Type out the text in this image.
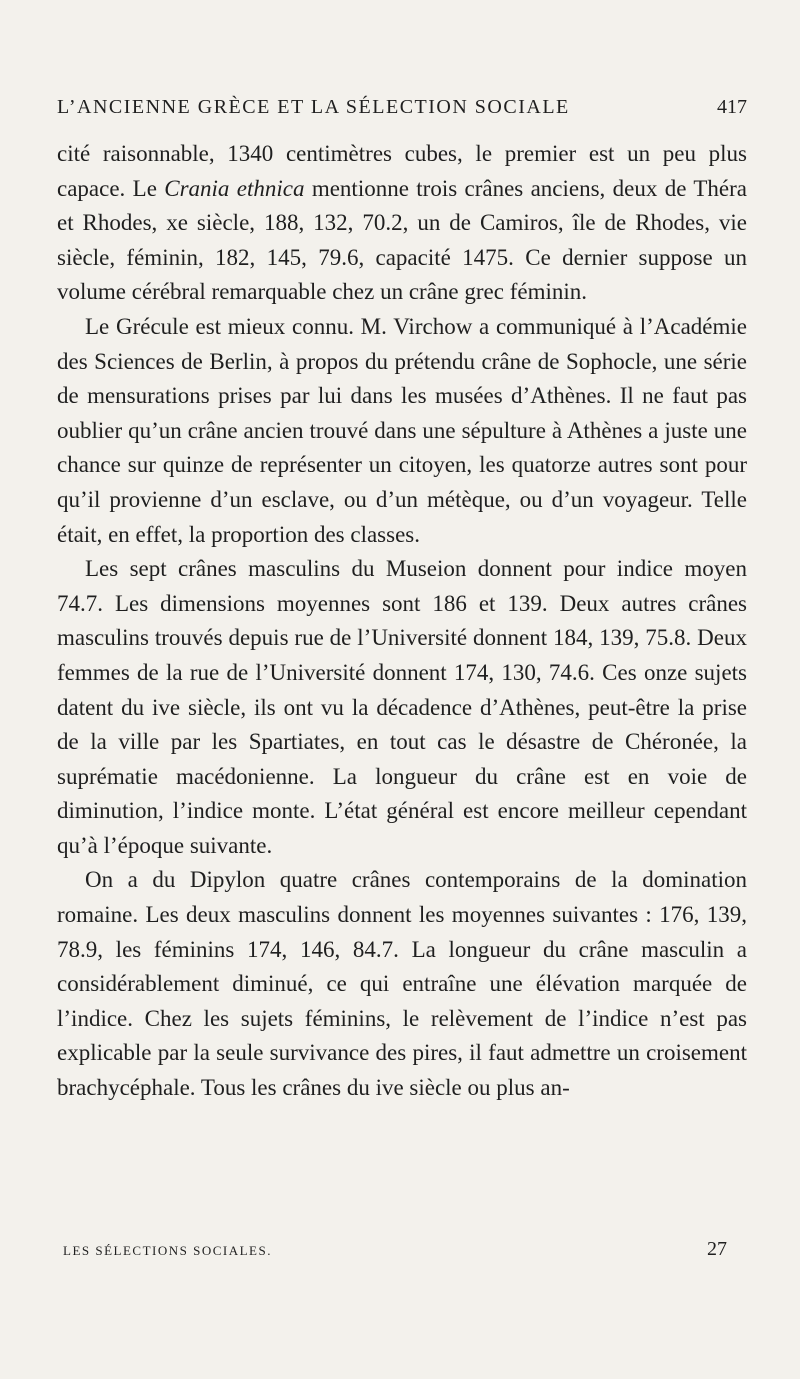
L’ANCIENNE GRÈCE ET LA SÉLECTION SOCIALE	417

cité raisonnable, 1340 centimètres cubes, le premier est un peu plus capace. Le Crania ethnica mentionne trois crânes anciens, deux de Théra et Rhodes, xe siècle, 188, 132, 70.2, un de Camiros, île de Rhodes, vie siècle, féminin, 182, 145, 79.6, capacité 1475. Ce dernier suppose un volume cérébral remarquable chez un crâne grec féminin.

Le Grécule est mieux connu. M. Virchow a communiqué à l’Académie des Sciences de Berlin, à propos du prétendu crâne de Sophocle, une série de mensurations prises par lui dans les musées d’Athènes. Il ne faut pas oublier qu’un crâne ancien trouvé dans une sépulture à Athènes a juste une chance sur quinze de représenter un citoyen, les quatorze autres sont pour qu’il provienne d’un esclave, ou d’un métèque, ou d’un voyageur. Telle était, en effet, la proportion des classes.

Les sept crânes masculins du Museion donnent pour indice moyen 74.7. Les dimensions moyennes sont 186 et 139. Deux autres crânes masculins trouvés depuis rue de l’Université donnent 184, 139, 75.8. Deux femmes de la rue de l’Université donnent 174, 130, 74.6. Ces onze sujets datent du ive siècle, ils ont vu la décadence d’Athènes, peut-être la prise de la ville par les Spartiates, en tout cas le désastre de Chéronée, la suprématie macédonienne. La longueur du crâne est en voie de diminution, l’indice monte. L’état général est encore meilleur cependant qu’à l’époque suivante.

On a du Dipylon quatre crânes contemporains de la domination romaine. Les deux masculins donnent les moyennes suivantes : 176, 139, 78.9, les féminins 174, 146, 84.7. La longueur du crâne masculin a considérablement diminué, ce qui entraîne une élévation marquée de l’indice. Chez les sujets féminins, le relèvement de l’indice n’est pas explicable par la seule survivance des pires, il faut admettre un croisement brachycéphale. Tous les crânes du ive siècle ou plus an-

LES SÉLECTIONS SOCIALES.	27
